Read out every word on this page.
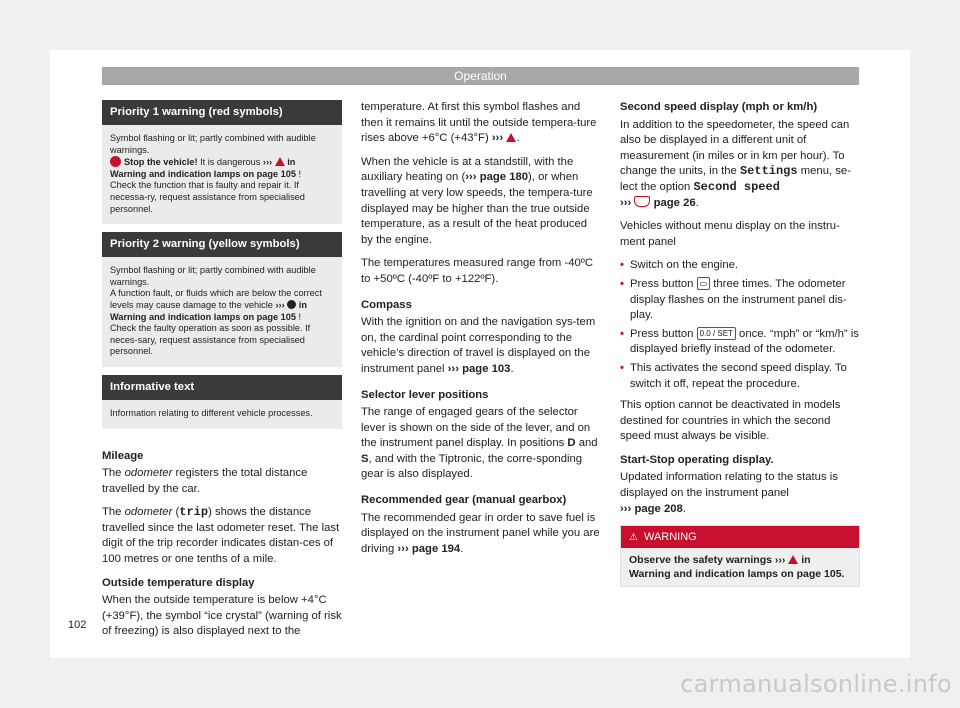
Operation
Priority 1 warning (red symbols)

Symbol flashing or lit; partly combined with audible warnings.

Stop the vehicle! It is dangerous ›››  in Warning and indication lamps on page 105 !

Check the function that is faulty and repair it. If necessa-ry, request assistance from specialised personnel.

Priority 2 warning (yellow symbols)

Symbol flashing or lit; partly combined with audible warnings.

A function fault, or fluids which are below the correct levels may cause damage to the vehicle ›››  in Warning and indication lamps on page 105 !

Check the faulty operation as soon as possible. If neces-sary, request assistance from specialised personnel.

Informative text

Information relating to different vehicle processes.

Mileage

The odometer registers the total distance travelled by the car.

The odometer (trip) shows the distance travelled since the last odometer reset. The last digit of the trip recorder indicates distan-ces of 100 metres or one tenths of a mile.

Outside temperature display

When the outside temperature is below +4°C (+39°F), the symbol “ice crystal” (warning of risk of freezing) is also displayed next to the

temperature. At first this symbol flashes and then it remains lit until the outside tempera-ture rises above +6°C (+43°F) ››› .

When the vehicle is at a standstill, with the auxiliary heating on (››› page 180), or when travelling at very low speeds, the tempera-ture displayed may be higher than the true outside temperature, as a result of the heat produced by the engine.

The temperatures measured range from -40ºC to +50ºC (-40ºF to +122ºF).

Compass

With the ignition on and the navigation sys-tem on, the cardinal point corresponding to the vehicle’s direction of travel is displayed on the instrument panel ››› page 103.

Selector lever positions

The range of engaged gears of the selector lever is shown on the side of the lever, and on the instrument panel display. In positions D and S, and with the Tiptronic, the corre-sponding gear is also displayed.

Recommended gear (manual gearbox)

The recommended gear in order to save fuel is displayed on the instrument panel while you are driving ››› page 194.

Second speed display (mph or km/h)

In addition to the speedometer, the speed can also be displayed in a different unit of measurement (in miles or in km per hour). To change the units, in the Settings menu, se-lect the option Second speed
››› page 26.

Vehicles without menu display on the instru-ment panel

• Switch on the engine.
• Press button ▭ three times. The odometer display flashes on the instrument panel dis-play.
• Press button 0.0 / SET once. “mph” or “km/h” is displayed briefly instead of the odometer.
• This activates the second speed display. To switch it off, repeat the procedure.

This option cannot be deactivated in models destined for countries in which the second speed must always be visible.

Start-Stop operating display.

Updated information relating to the status is displayed on the instrument panel
››› page 208.

⚠ WARNING
Observe the safety warnings ›››  in Warning and indication lamps on page 105.
102
carmanualsonline.info
